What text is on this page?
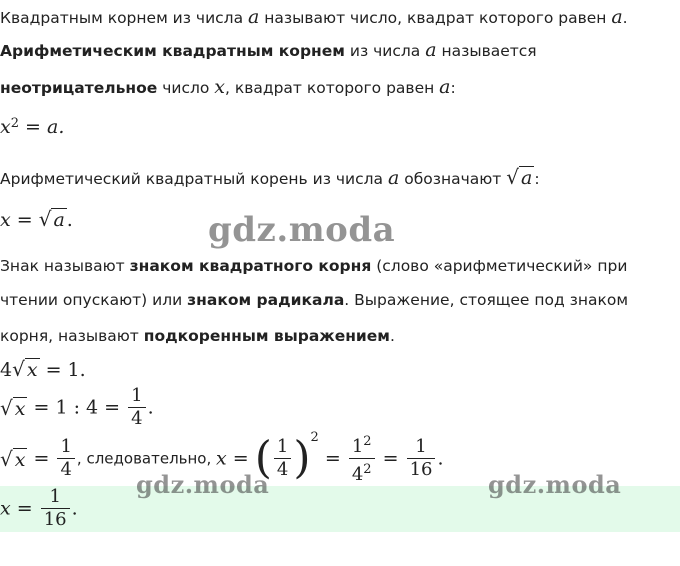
Квадратным корнем из числа a называют число, квадрат которого равен a.
Арифметическим квадратным корнем из числа a называется
неотрицательное число x, квадрат которого равен a:
$x^2 = a$.
Арифметический квадратный корень из числа a обозначают √ a :
x = √ a .	gdz.moda
Знак называют знаком квадратного корня (слово «арифметический» при
чтении опускают) или знаком радикала. Выражение, стоящее под знаком
корня, называют подкоренным выражением.
4√ x = 1.
√ x = 1 : $4 = \frac{1}{4}$ .
√ $x = \frac{1}{4}$ , следовательно, x = ( $\frac{1}{4} )^2 = \frac{1^2}{4^2} = \frac{1}{16}$ .
gdz.moda	gdz.moda
$x = \frac{1}{16}$ .
